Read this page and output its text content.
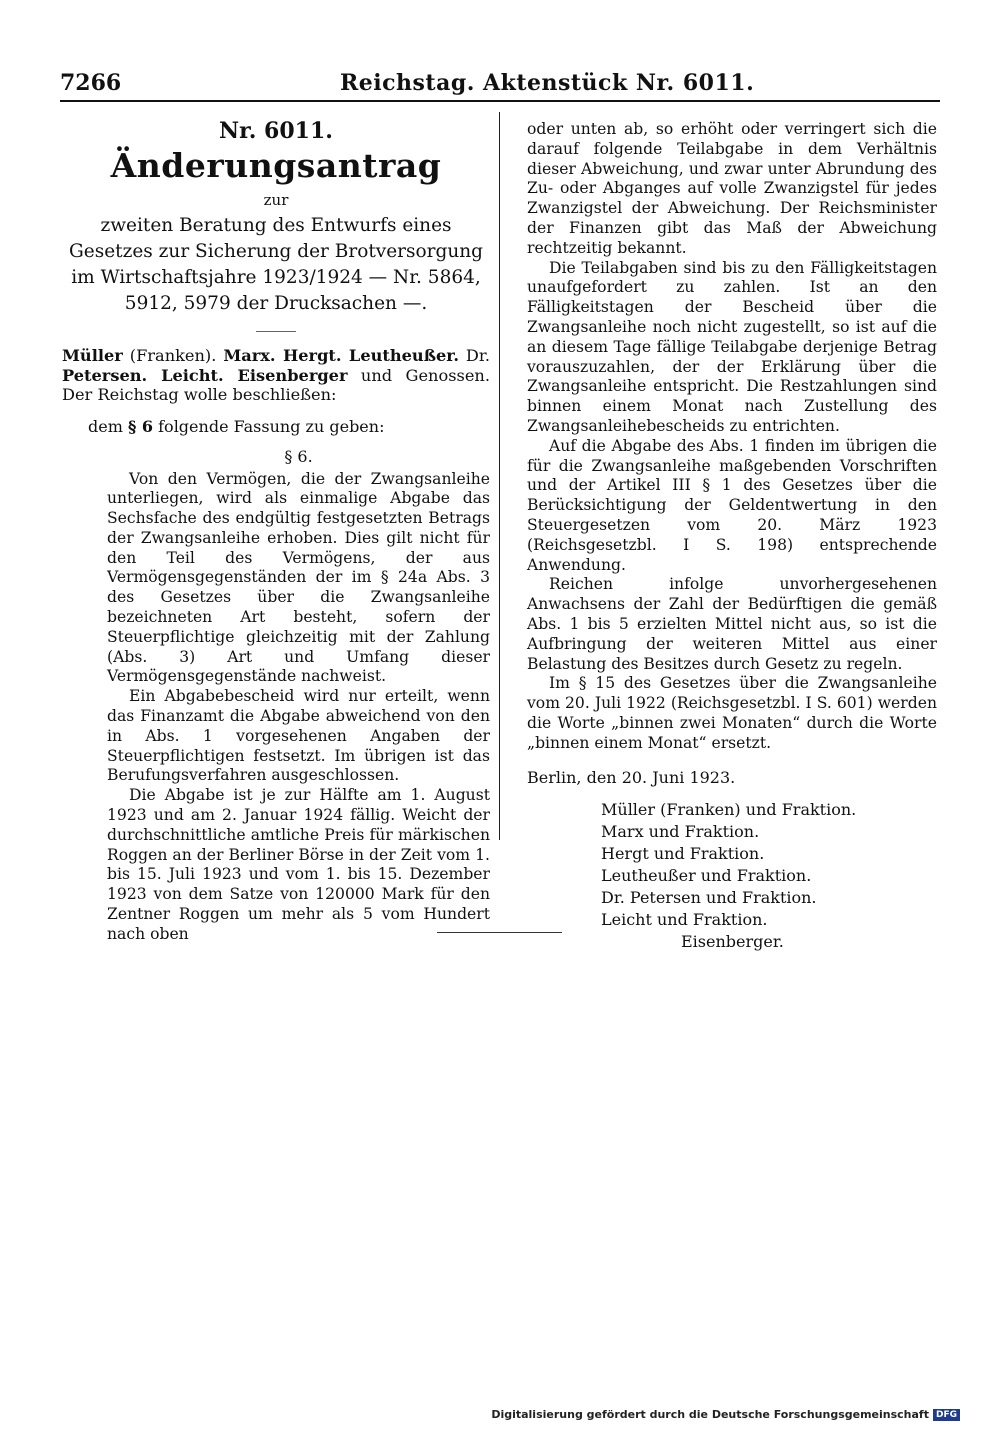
7266	Reichstag. Aktenstück Nr. 6011.
Nr. 6011.
Änderungsantrag
zur
zweiten Beratung des Entwurfs eines Gesetzes zur Sicherung der Brotversorgung im Wirtschaftsjahre 1923/1924 — Nr. 5864, 5912, 5979 der Drucksachen —.
Müller (Franken). Marx. Hergt. Leutheußer. Dr. Petersen. Leicht. Eisenberger und Genossen. Der Reichstag wolle beschließen:
dem § 6 folgende Fassung zu geben:
§ 6.
Von den Vermögen, die der Zwangsanleihe unterliegen, wird als einmalige Abgabe das Sechsfache des endgültig festgesetzten Betrags der Zwangsanleihe erhoben. Dies gilt nicht für den Teil des Vermögens, der aus Vermögensgegenständen der im § 24a Abs. 3 des Gesetzes über die Zwangsanleihe bezeichneten Art besteht, sofern der Steuerpflichtige gleichzeitig mit der Zahlung (Abs. 3) Art und Umfang dieser Vermögensgegenstände nachweist.
Ein Abgabebescheid wird nur erteilt, wenn das Finanzamt die Abgabe abweichend von den in Abs. 1 vorgesehenen Angaben der Steuerpflichtigen festsetzt. Im übrigen ist das Berufungsverfahren ausgeschlossen.
Die Abgabe ist je zur Hälfte am 1. August 1923 und am 2. Januar 1924 fällig. Weicht der durchschnittliche amtliche Preis für märkischen Roggen an der Berliner Börse in der Zeit vom 1. bis 15. Juli 1923 und vom 1. bis 15. Dezember 1923 von dem Satze von 120000 Mark für den Zentner Roggen um mehr als 5 vom Hundert nach oben
oder unten ab, so erhöht oder verringert sich die darauf folgende Teilabgabe in dem Verhältnis dieser Abweichung, und zwar unter Abrundung des Zu- oder Abganges auf volle Zwanzigstel für jedes Zwanzigstel der Abweichung. Der Reichsminister der Finanzen gibt das Maß der Abweichung rechtzeitig bekannt.
Die Teilabgaben sind bis zu den Fälligkeitstagen unaufgefordert zu zahlen. Ist an den Fälligkeitstagen der Bescheid über die Zwangsanleihe noch nicht zugestellt, so ist auf die an diesem Tage fällige Teilabgabe derjenige Betrag vorauszuzahlen, der der Erklärung über die Zwangsanleihe entspricht. Die Restzahlungen sind binnen einem Monat nach Zustellung des Zwangsanleihebescheids zu entrichten.
Auf die Abgabe des Abs. 1 finden im übrigen die für die Zwangsanleihe maßgebenden Vorschriften und der Artikel III § 1 des Gesetzes über die Berücksichtigung der Geldentwertung in den Steuergesetzen vom 20. März 1923 (Reichsgesetzbl. I S. 198) entsprechende Anwendung.
Reichen infolge unvorhergesehenen Anwachsens der Zahl der Bedürftigen die gemäß Abs. 1 bis 5 erzielten Mittel nicht aus, so ist die Aufbringung der weiteren Mittel aus einer Belastung des Besitzes durch Gesetz zu regeln.
Im § 15 des Gesetzes über die Zwangsanleihe vom 20. Juli 1922 (Reichsgesetzbl. I S. 601) werden die Worte „binnen zwei Monaten“ durch die Worte „binnen einem Monat“ ersetzt.
Berlin, den 20. Juni 1923.
Müller (Franken) und Fraktion.
Marx und Fraktion.
Hergt und Fraktion.
Leutheußer und Fraktion.
Dr. Petersen und Fraktion.
Leicht und Fraktion.
Eisenberger.
Digitalisierung gefördert durch die Deutsche Forschungsgemeinschaft DFG
